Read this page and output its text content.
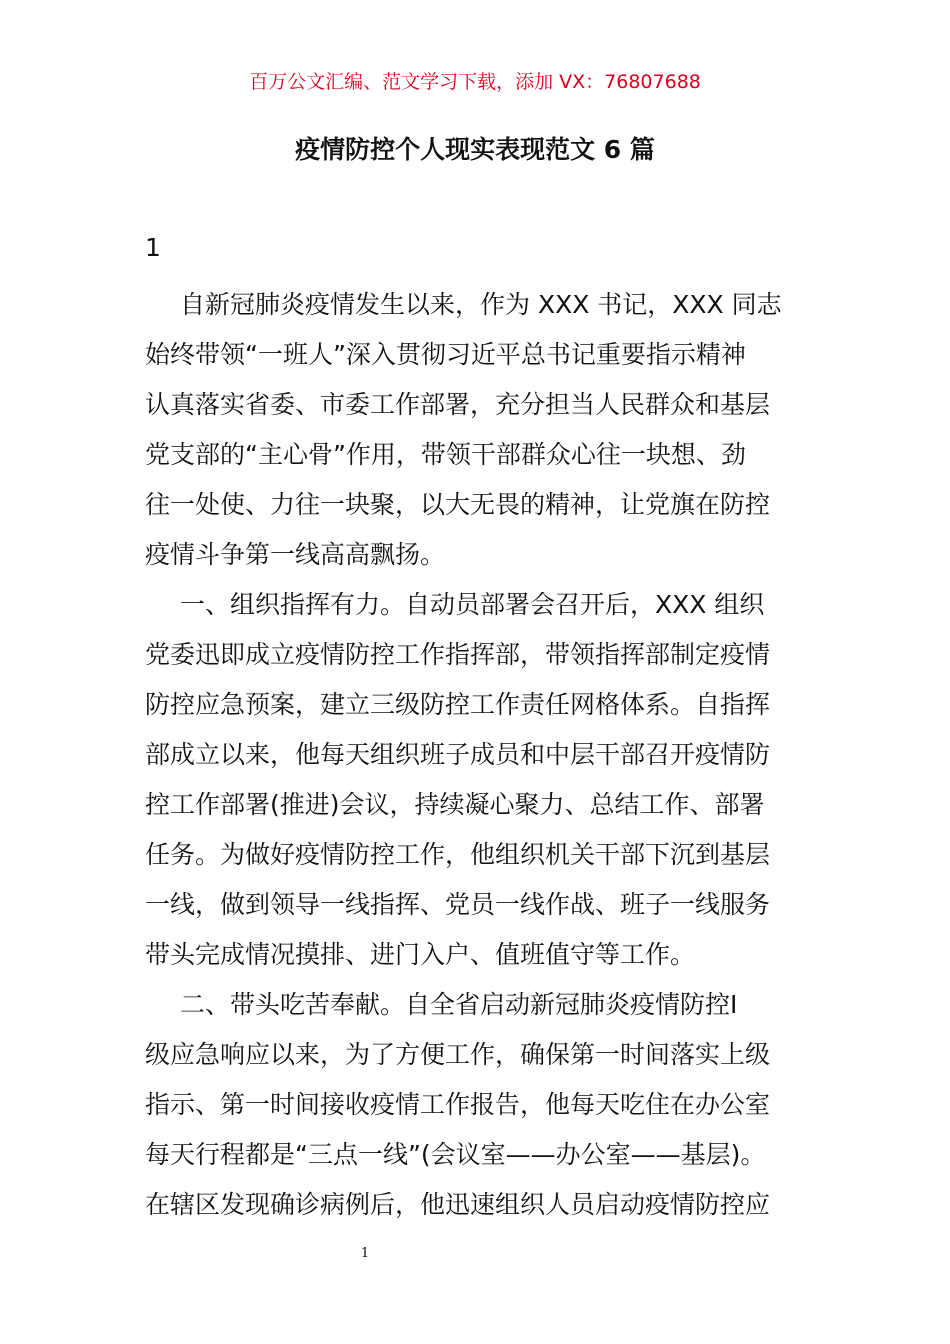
百万公文汇编、范文学习下载，添加 VX：76807688
疫情防控个人现实表现范文 6 篇
1
自新冠肺炎疫情发生以来，作为 XXX 书记，XXX 同志
始终带领“一班人”深入贯彻习近平总书记重要指示精神
认真落实省委、市委工作部署，充分担当人民群众和基层
党支部的“主心骨”作用，带领干部群众心往一块想、劲
往一处使、力往一块聚，以大无畏的精神，让党旗在防控
疫情斗争第一线高高飘扬。
一、组织指挥有力。自动员部署会召开后，XXX 组织
党委迅即成立疫情防控工作指挥部，带领指挥部制定疫情
防控应急预案，建立三级防控工作责任网格体系。自指挥
部成立以来，他每天组织班子成员和中层干部召开疫情防
控工作部署(推进)会议，持续凝心聚力、总结工作、部署
任务。为做好疫情防控工作，他组织机关干部下沉到基层
一线，做到领导一线指挥、党员一线作战、班子一线服务
带头完成情况摸排、进门入户、值班值守等工作。
二、带头吃苦奉献。自全省启动新冠肺炎疫情防控Ⅰ
级应急响应以来，为了方便工作，确保第一时间落实上级
指示、第一时间接收疫情工作报告，他每天吃住在办公室
每天行程都是“三点一线”(会议室——办公室——基层)。
在辖区发现确诊病例后，他迅速组织人员启动疫情防控应
1
